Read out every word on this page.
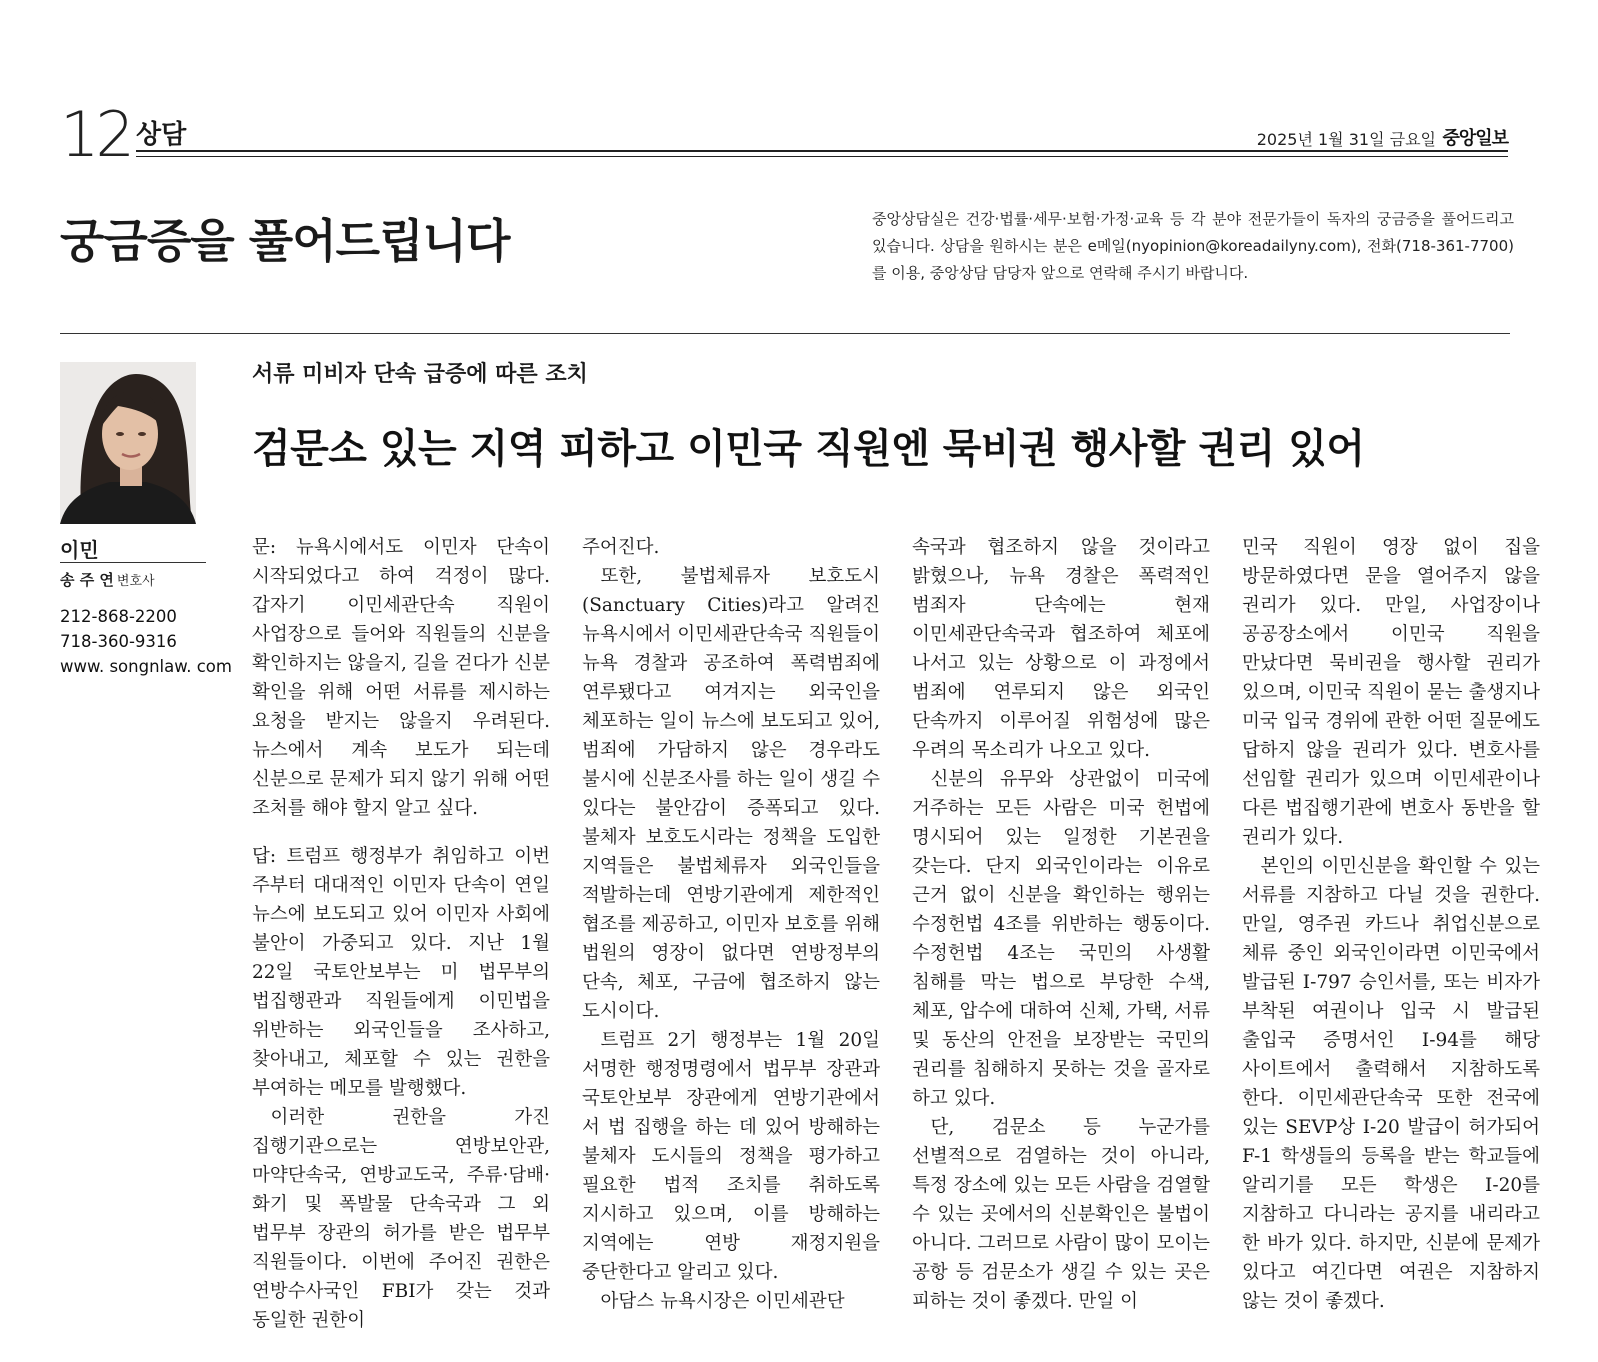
12 상담	2025년 1월 31일 금요일 중앙일보
궁금증을 풀어드립니다	중앙상담실은 건강·법률·세무·보험·가정·교육 등 각 분야 전문가들이 독자의 궁금증을 풀어드리고 있습니다. 상담을 원하시는 분은 e메일(nyopinion@koreadailyny.com), 전화(718-361-7700)를 이용, 중앙상담 담당자 앞으로 연락해 주시기 바랍니다.
이민
송 주 연 변호사
212-868-2200
718-360-9316
www. songnlaw. com
서류 미비자 단속 급증에 따른 조치
검문소 있는 지역 피하고 이민국 직원엔 묵비권 행사할 권리 있어

문: 뉴욕시에서도 이민자 단속이 시작되었다고 하여 걱정이 많다. 갑자기 이민세관단속 직원이 사업장으로 들어와 직원들의 신분을 확인하지는 않을지, 길을 걷다가 신분 확인을 위해 어떤 서류를 제시하는 요청을 받지는 않을지 우려된다. 뉴스에서 계속 보도가 되는데 신분으로 문제가 되지 않기 위해 어떤 조처를 해야 할지 알고 싶다.

답: 트럼프 행정부가 취임하고 이번 주부터 대대적인 이민자 단속이 연일 뉴스에 보도되고 있어 이민자 사회에 불안이 가중되고 있다. 지난 1월 22일 국토안보부는 미 법무부의 법집행관과 직원들에게 이민법을 위반하는 외국인들을 조사하고, 찾아내고, 체포할 수 있는 권한을 부여하는 메모를 발행했다.

이러한 권한을 가진 집행기관으로는 연방보안관, 마약단속국, 연방교도국, 주류·담배·화기 및 폭발물 단속국과 그 외 법무부 장관의 허가를 받은 법무부 직원들이다. 이번에 주어진 권한은 연방수사국인 FBI가 갖는 것과 동일한 권한이

주어진다.

또한, 불법체류자 보호도시(Sanctuary Cities)라고 알려진 뉴욕시에서 이민세관단속국 직원들이 뉴욕 경찰과 공조하여 폭력범죄에 연루됐다고 여겨지는 외국인을 체포하는 일이 뉴스에 보도되고 있어, 범죄에 가담하지 않은 경우라도 불시에 신분조사를 하는 일이 생길 수 있다는 불안감이 증폭되고 있다. 불체자 보호도시라는 정책을 도입한 지역들은 불법체류자 외국인들을 적발하는데 연방기관에게 제한적인 협조를 제공하고, 이민자 보호를 위해 법원의 영장이 없다면 연방정부의 단속, 체포, 구금에 협조하지 않는 도시이다.

트럼프 2기 행정부는 1월 20일 서명한 행정명령에서 법무부 장관과 국토안보부 장관에게 연방기관에서 서 법 집행을 하는 데 있어 방해하는 불체자 도시들의 정책을 평가하고 필요한 법적 조치를 취하도록 지시하고 있으며, 이를 방해하는 지역에는 연방 재정지원을 중단한다고 알리고 있다.

아담스 뉴욕시장은 이민세관단

속국과 협조하지 않을 것이라고 밝혔으나, 뉴욕 경찰은 폭력적인 범죄자 단속에는 현재 이민세관단속국과 협조하여 체포에 나서고 있는 상황으로 이 과정에서 범죄에 연루되지 않은 외국인 단속까지 이루어질 위험성에 많은 우려의 목소리가 나오고 있다.

신분의 유무와 상관없이 미국에 거주하는 모든 사람은 미국 헌법에 명시되어 있는 일정한 기본권을 갖는다. 단지 외국인이라는 이유로 근거 없이 신분을 확인하는 행위는 수정헌법 4조를 위반하는 행동이다. 수정헌법 4조는 국민의 사생활 침해를 막는 법으로 부당한 수색, 체포, 압수에 대하여 신체, 가택, 서류 및 동산의 안전을 보장받는 국민의 권리를 침해하지 못하는 것을 골자로 하고 있다.

단, 검문소 등 누군가를 선별적으로 검열하는 것이 아니라, 특정 장소에 있는 모든 사람을 검열할 수 있는 곳에서의 신분확인은 불법이 아니다. 그러므로 사람이 많이 모이는 공항 등 검문소가 생길 수 있는 곳은 피하는 것이 좋겠다. 만일 이

민국 직원이 영장 없이 집을 방문하였다면 문을 열어주지 않을 권리가 있다. 만일, 사업장이나 공공장소에서 이민국 직원을 만났다면 묵비권을 행사할 권리가 있으며, 이민국 직원이 묻는 출생지나 미국 입국 경위에 관한 어떤 질문에도 답하지 않을 권리가 있다. 변호사를 선임할 권리가 있으며 이민세관이나 다른 법집행기관에 변호사 동반을 할 권리가 있다.

본인의 이민신분을 확인할 수 있는 서류를 지참하고 다닐 것을 권한다. 만일, 영주권 카드나 취업신분으로 체류 중인 외국인이라면 이민국에서 발급된 I-797 승인서를, 또는 비자가 부착된 여권이나 입국 시 발급된 출입국 증명서인 I-94를 해당 사이트에서 출력해서 지참하도록 한다. 이민세관단속국 또한 전국에 있는 SEVP상 I-20 발급이 허가되어 F-1 학생들의 등록을 받는 학교들에 알리기를 모든 학생은 I-20를 지참하고 다니라는 공지를 내리라고 한 바가 있다. 하지만, 신분에 문제가 있다고 여긴다면 여권은 지참하지 않는 것이 좋겠다.
